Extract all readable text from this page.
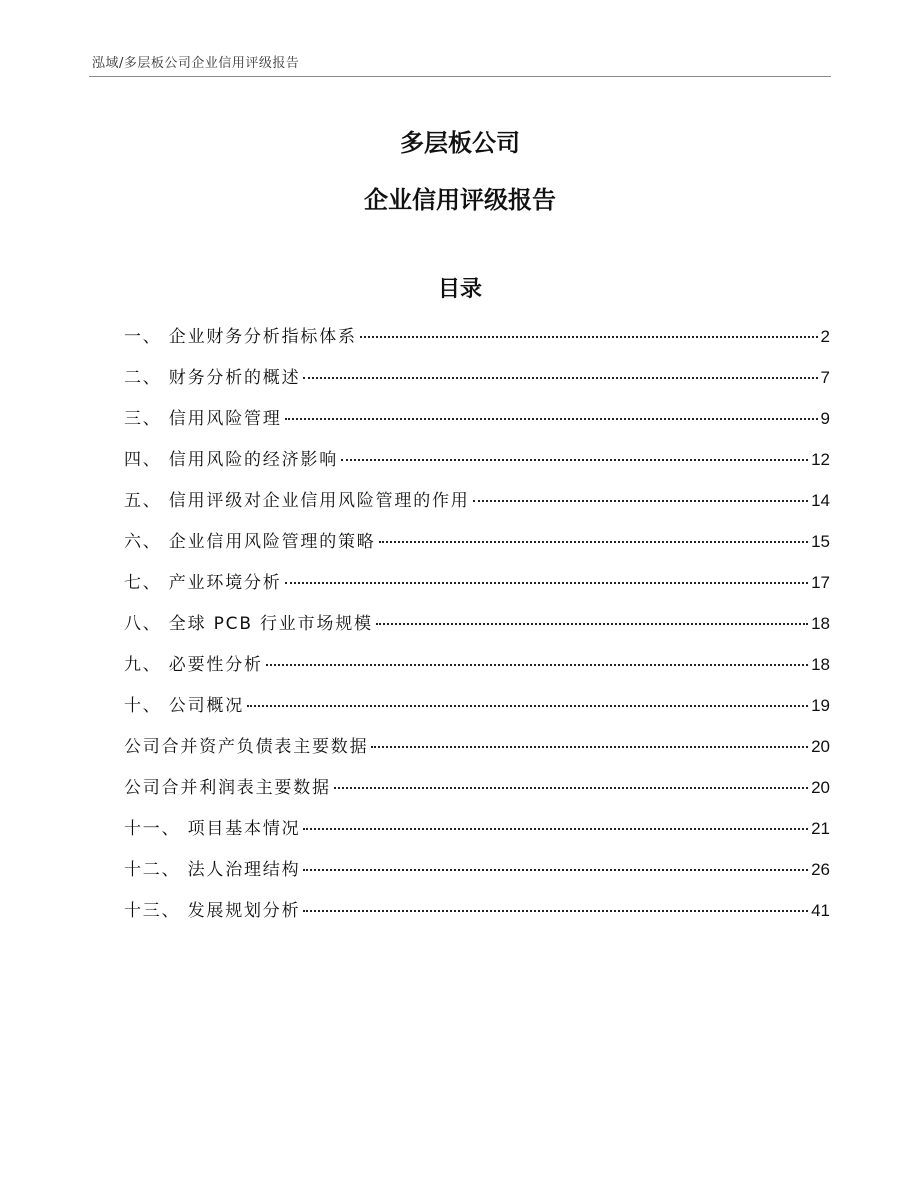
泓域/多层板公司企业信用评级报告
多层板公司
企业信用评级报告
目录
一、 企业财务分析指标体系	2
二、 财务分析的概述	7
三、 信用风险管理	9
四、 信用风险的经济影响	12
五、 信用评级对企业信用风险管理的作用	14
六、 企业信用风险管理的策略	15
七、 产业环境分析	17
八、 全球 PCB 行业市场规模	18
九、 必要性分析	18
十、 公司概况	19
公司合并资产负债表主要数据	20
公司合并利润表主要数据	20
十一、 项目基本情况	21
十二、 法人治理结构	26
十三、 发展规划分析	41
